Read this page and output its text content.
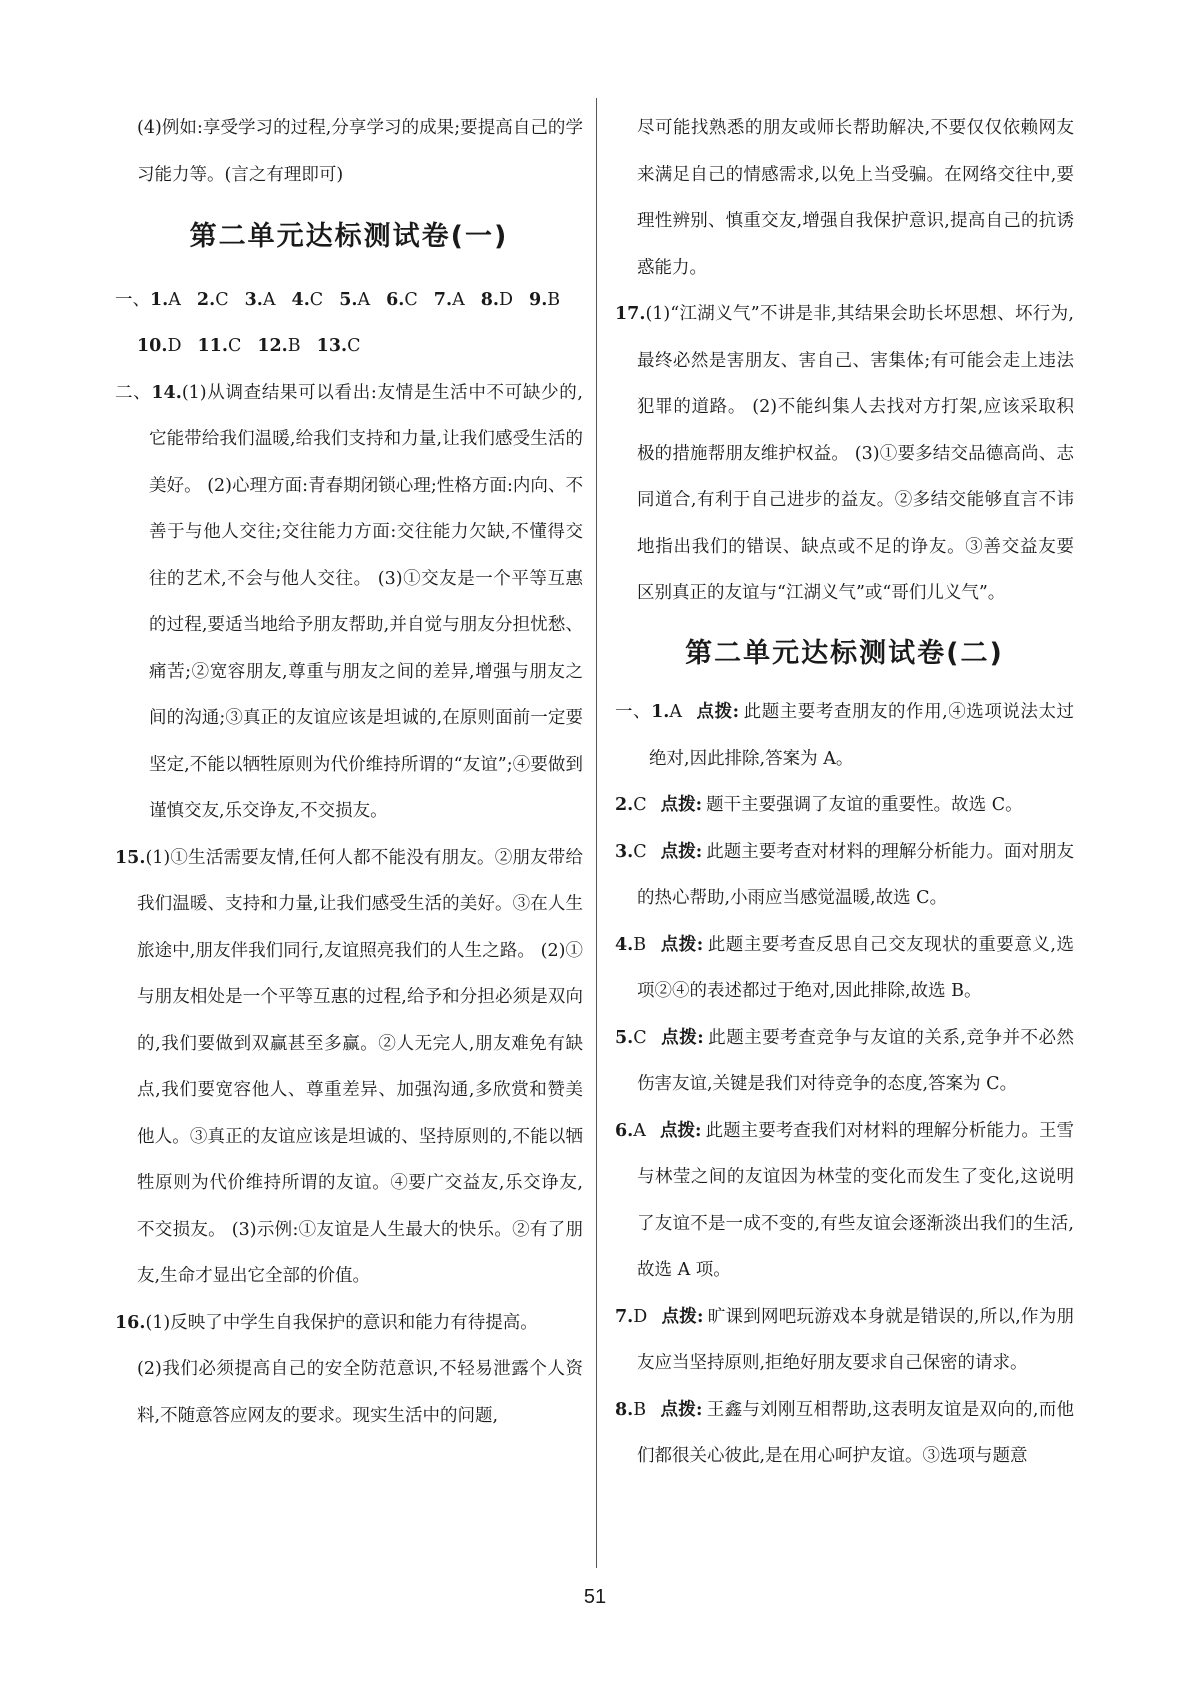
(4)例如:享受学习的过程,分享学习的成果;要提高自己的学习能力等。(言之有理即可)

第二单元达标测试卷(一)

一、1.A 2.C 3.A 4.C 5.A 6.C 7.A 8.D 9.B

10.D 11.C 12.B 13.C

二、14.(1)从调查结果可以看出:友情是生活中不可缺少的,它能带给我们温暖,给我们支持和力量,让我们感受生活的美好。 (2)心理方面:青春期闭锁心理;性格方面:内向、不善于与他人交往;交往能力方面:交往能力欠缺,不懂得交往的艺术,不会与他人交往。 (3)①交友是一个平等互惠的过程,要适当地给予朋友帮助,并自觉与朋友分担忧愁、痛苦;②宽容朋友,尊重与朋友之间的差异,增强与朋友之间的沟通;③真正的友谊应该是坦诚的,在原则面前一定要坚定,不能以牺牲原则为代价维持所谓的“友谊”;④要做到谨慎交友,乐交诤友,不交损友。

15.(1)①生活需要友情,任何人都不能没有朋友。②朋友带给我们温暖、支持和力量,让我们感受生活的美好。③在人生旅途中,朋友伴我们同行,友谊照亮我们的人生之路。 (2)①与朋友相处是一个平等互惠的过程,给予和分担必须是双向的,我们要做到双赢甚至多赢。②人无完人,朋友难免有缺点,我们要宽容他人、尊重差异、加强沟通,多欣赏和赞美他人。③真正的友谊应该是坦诚的、坚持原则的,不能以牺牲原则为代价维持所谓的友谊。④要广交益友,乐交诤友,不交损友。 (3)示例:①友谊是人生最大的快乐。②有了朋友,生命才显出它全部的价值。

16.(1)反映了中学生自我保护的意识和能力有待提高。

(2)我们必须提高自己的安全防范意识,不轻易泄露个人资料,不随意答应网友的要求。现实生活中的问题,

尽可能找熟悉的朋友或师长帮助解决,不要仅仅依赖网友来满足自己的情感需求,以免上当受骗。在网络交往中,要理性辨别、慎重交友,增强自我保护意识,提高自己的抗诱惑能力。

17.(1)“江湖义气”不讲是非,其结果会助长坏思想、坏行为,最终必然是害朋友、害自己、害集体;有可能会走上违法犯罪的道路。 (2)不能纠集人去找对方打架,应该采取积极的措施帮朋友维护权益。 (3)①要多结交品德高尚、志同道合,有利于自己进步的益友。②多结交能够直言不讳地指出我们的错误、缺点或不足的诤友。③善交益友要区别真正的友谊与“江湖义气”或“哥们儿义气”。

第二单元达标测试卷(二)

一、1.A 点拨: 此题主要考查朋友的作用,④选项说法太过绝对,因此排除,答案为 A。

2.C 点拨: 题干主要强调了友谊的重要性。故选 C。

3.C 点拨: 此题主要考查对材料的理解分析能力。面对朋友的热心帮助,小雨应当感觉温暖,故选 C。

4.B 点拨: 此题主要考查反思自己交友现状的重要意义,选项②④的表述都过于绝对,因此排除,故选 B。

5.C 点拨: 此题主要考查竞争与友谊的关系,竞争并不必然伤害友谊,关键是我们对待竞争的态度,答案为 C。

6.A 点拨: 此题主要考查我们对材料的理解分析能力。王雪与林莹之间的友谊因为林莹的变化而发生了变化,这说明了友谊不是一成不变的,有些友谊会逐渐淡出我们的生活,故选 A 项。

7.D 点拨: 旷课到网吧玩游戏本身就是错误的,所以,作为朋友应当坚持原则,拒绝好朋友要求自己保密的请求。

8.B 点拨: 王鑫与刘刚互相帮助,这表明友谊是双向的,而他们都很关心彼此,是在用心呵护友谊。③选项与题意

51
